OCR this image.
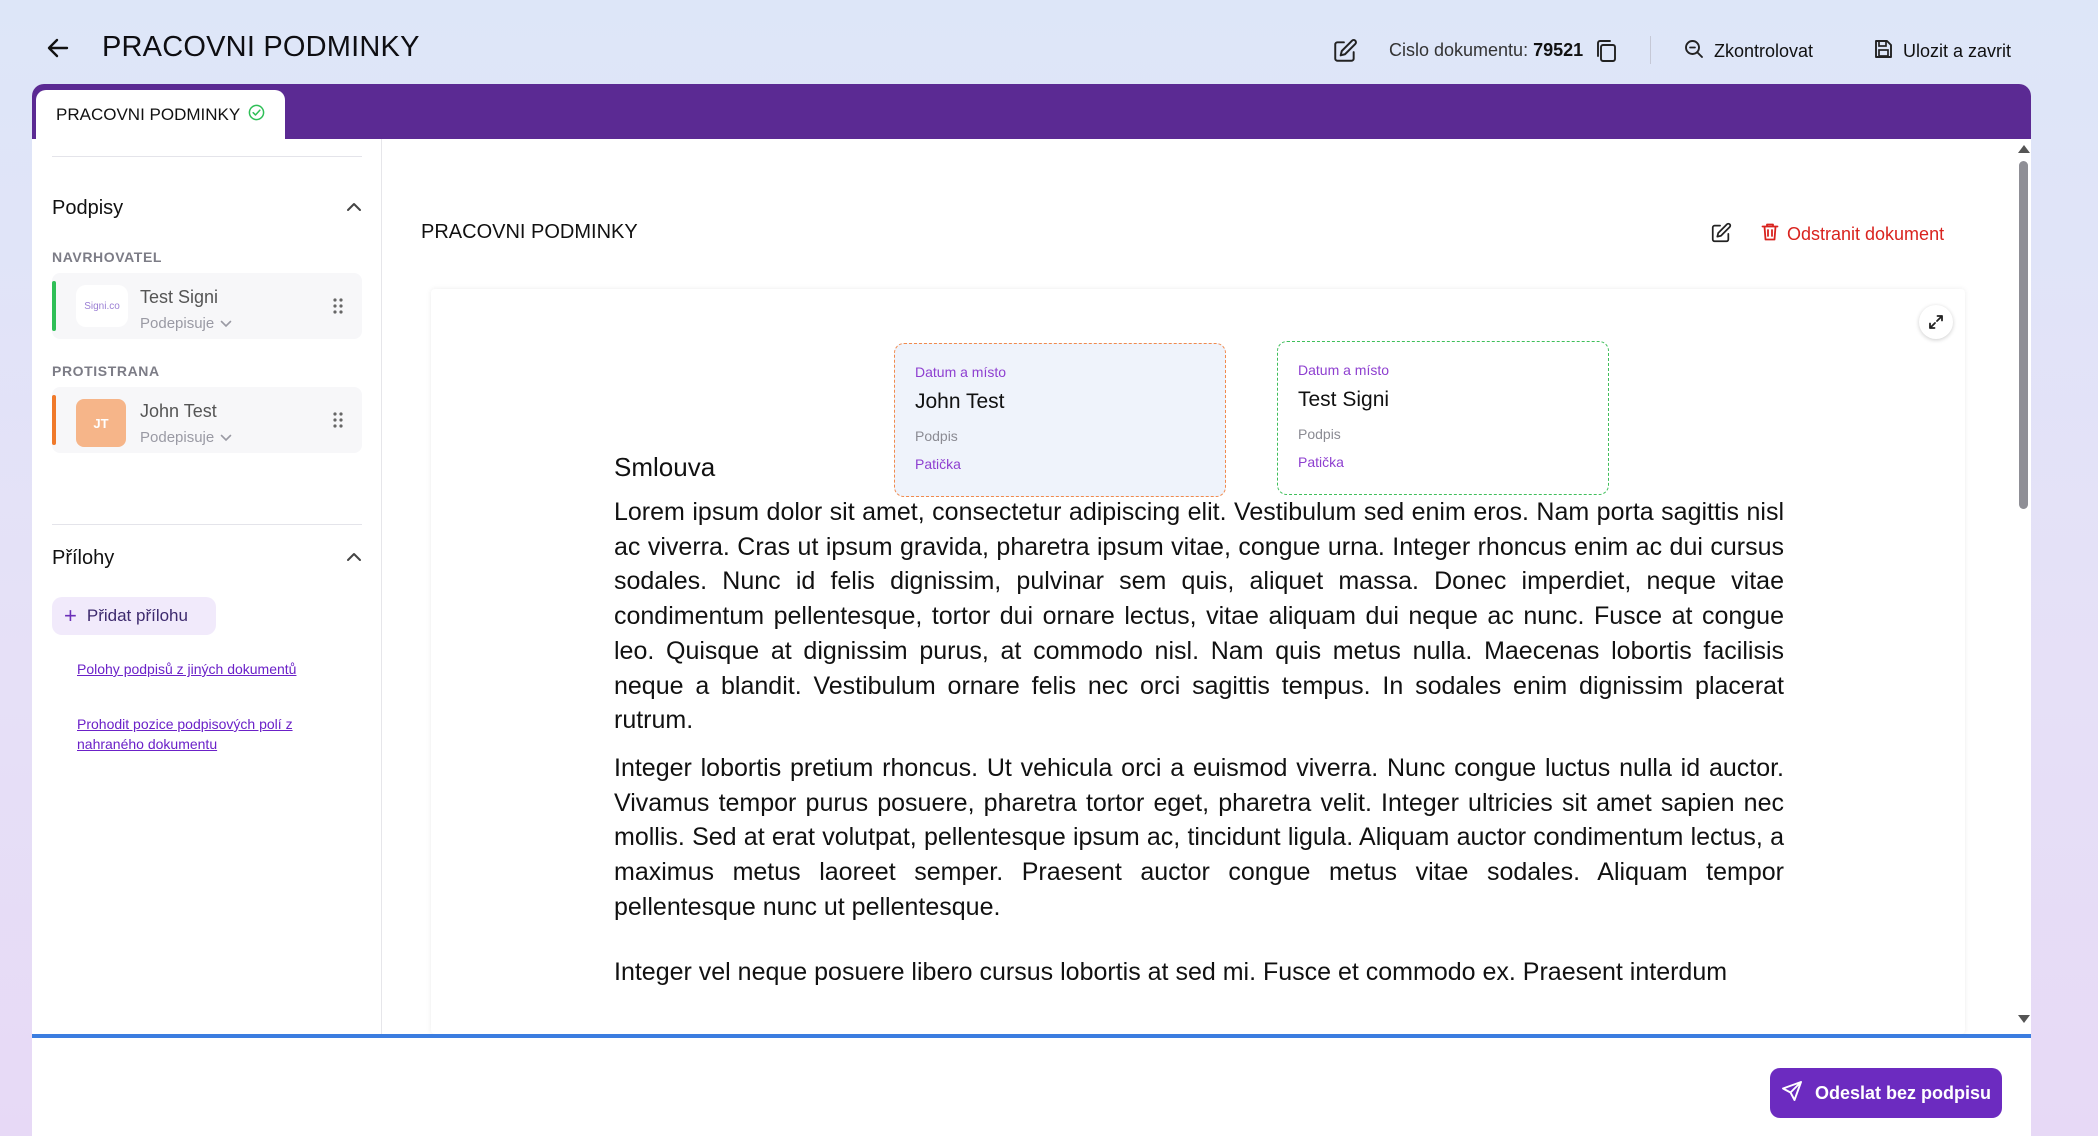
PRACOVNI PODMINKY	Cislo dokumentu: 79521	Zkontrolovat	Ulozit a zavrit
PRACOVNI PODMINKY
Podpisy
NAVRHOVATEL
Signi.co	Test Signi
Podepisuje
PROTISTRANA
JT
John Test
Podepisuje
Přílohy
+ Přidat přílohu
Polohy podpisů z jiných dokumentů
Prohodit pozice podpisových polí z nahraného dokumentu
PRACOVNI PODMINKY	Odstranit dokument
Smlouva

Lorem ipsum dolor sit amet, consectetur adipiscing elit. Vestibulum sed enim eros. Nam porta sagittis nisl ac viverra. Cras ut ipsum gravida, pharetra ipsum vitae, congue urna. Integer rhoncus enim ac dui cursus sodales. Nunc id felis dignissim, pulvinar sem quis, aliquet massa. Donec imperdiet, neque vitae condimentum pellentesque, tortor dui ornare lectus, vitae aliquam dui neque ac nunc. Fusce at congue leo. Quisque at dignissim purus, at commodo nisl. Nam quis metus nulla. Maecenas lobortis facilisis neque a blandit. Vestibulum ornare felis nec orci sagittis tempus. In sodales enim dignissim placerat rutrum.

Integer lobortis pretium rhoncus. Ut vehicula orci a euismod viverra. Nunc congue luctus nulla id auctor. Vivamus tempor purus posuere, pharetra tortor eget, pharetra velit. Integer ultricies sit amet sapien nec mollis. Sed at erat volutpat, pellentesque ipsum ac, tincidunt ligula. Aliquam auctor condimentum lectus, a maximus metus laoreet semper. Praesent auctor congue metus vitae sodales. Aliquam tempor pellentesque nunc ut pellentesque.

Integer vel neque posuere libero cursus lobortis at sed mi. Fusce et commodo ex. Praesent interdum

Datum a místo
John Test
Podpis
Patička
Datum a místo
Test Signi
Podpis
Patička
Odeslat bez podpisu
